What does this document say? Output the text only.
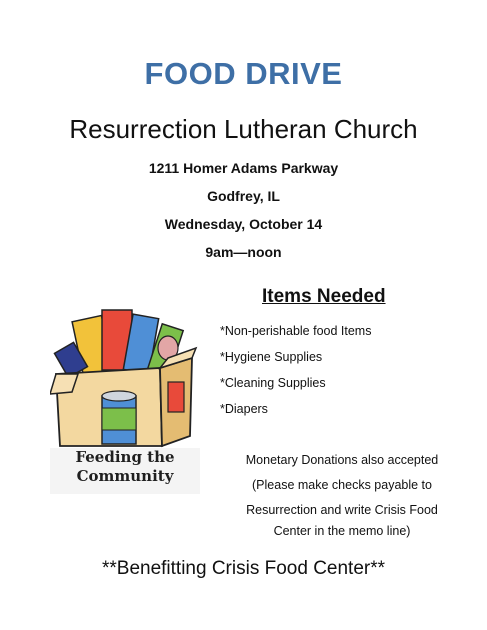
FOOD DRIVE
Resurrection Lutheran Church
1211 Homer Adams Parkway
Godfrey, IL
Wednesday, October 14
9am—noon
Feeding the
Community
Items Needed
*Non-perishable food Items
*Hygiene Supplies
*Cleaning Supplies
*Diapers
Monetary Donations also accepted
(Please make checks payable to
Resurrection and write Crisis Food
Center in the memo line)
**Benefitting Crisis Food Center**
